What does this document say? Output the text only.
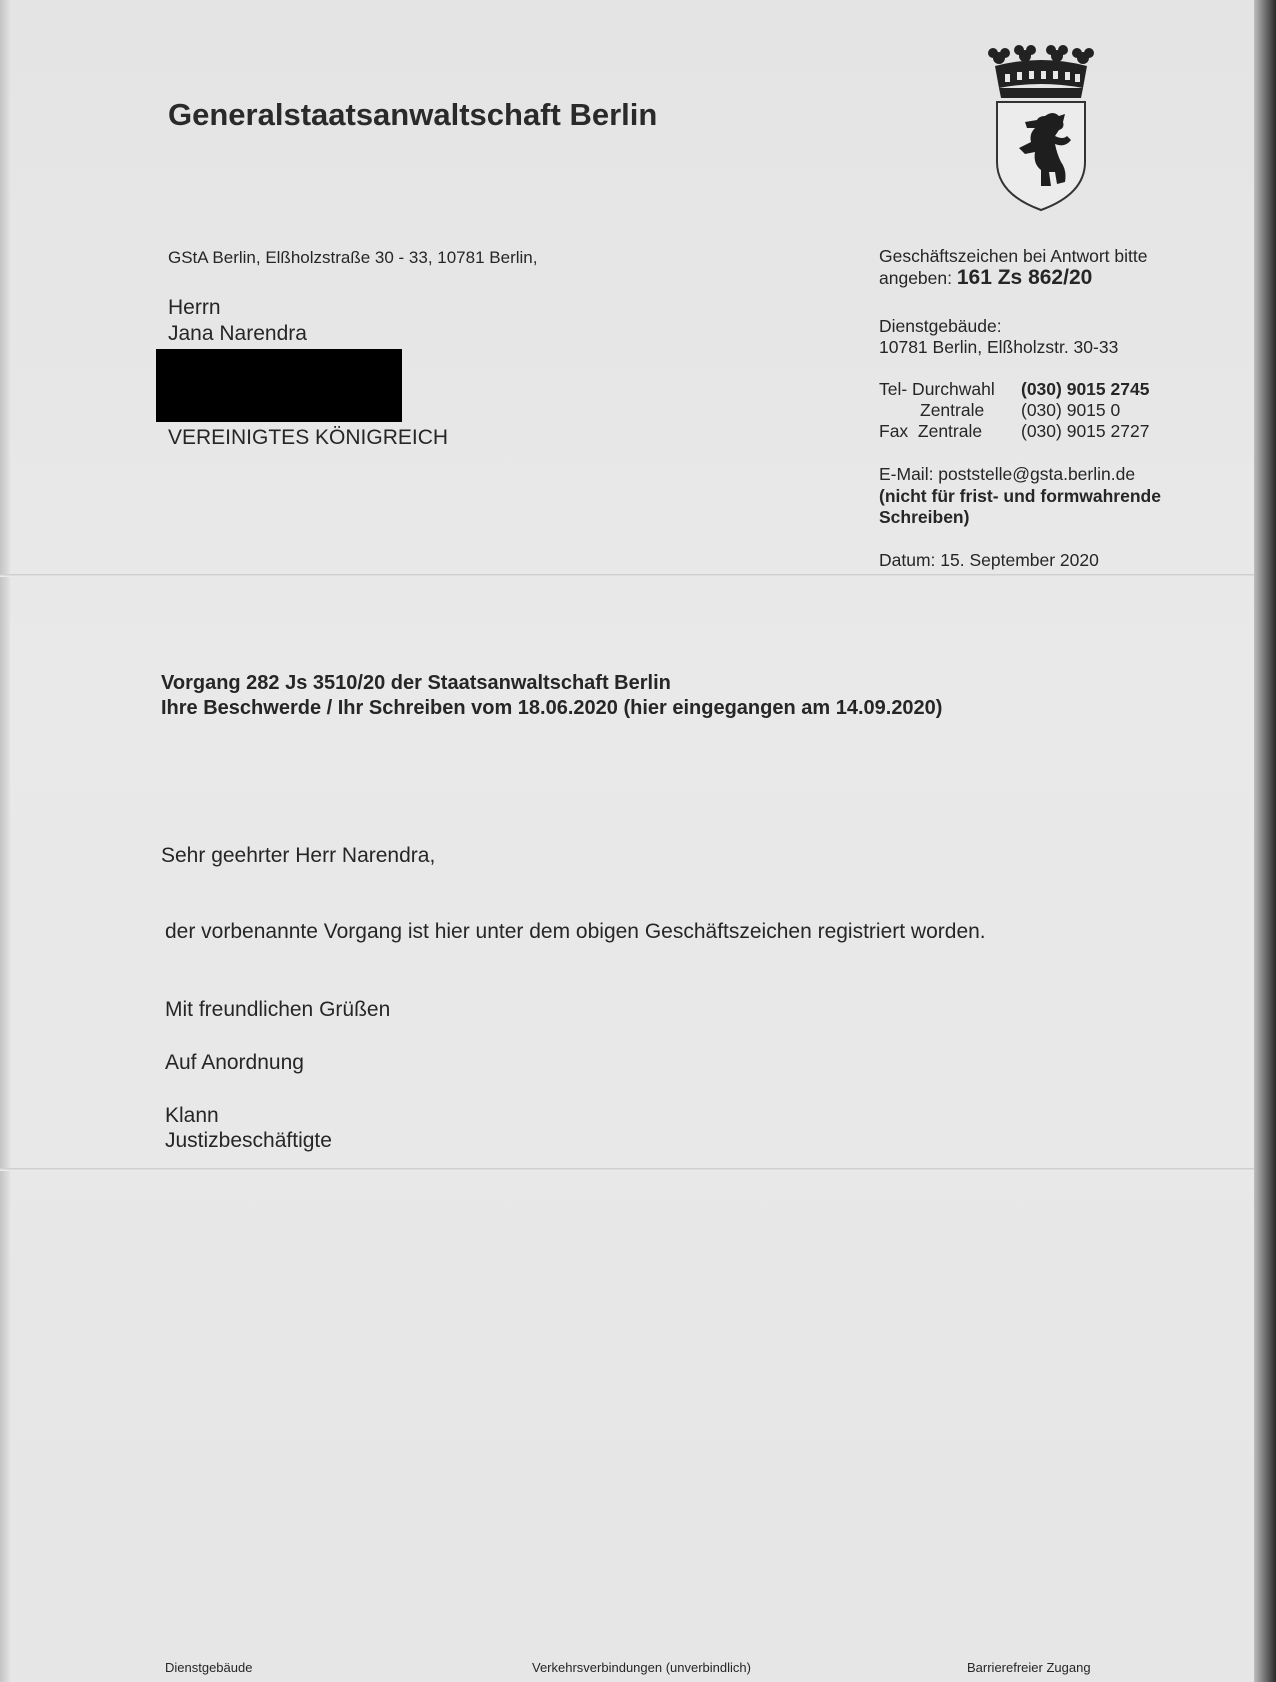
Generalstaatsanwaltschaft Berlin
GStA Berlin, Elßholzstraße 30 - 33, 10781 Berlin,
Herrn
Jana Narendra
VEREINIGTES KÖNIGREICH
Geschäftszeichen bei Antwort bitte
angeben: 161 Zs 862/20
Dienstgebäude:
10781 Berlin, Elßholzstr. 30-33
Tel- Durchwahl (030) 9015 2745
Zentrale (030) 9015 0
Fax  Zentrale (030) 9015 2727
E-Mail: poststelle@gsta.berlin.de
(nicht für frist- und formwahrende
Schreiben)
Datum: 15. September 2020
Vorgang 282 Js 3510/20 der Staatsanwaltschaft Berlin
Ihre Beschwerde / Ihr Schreiben vom 18.06.2020 (hier eingegangen am 14.09.2020)
Sehr geehrter Herr Narendra,
der vorbenannte Vorgang ist hier unter dem obigen Geschäftszeichen registriert worden.
Mit freundlichen Grüßen
Auf Anordnung
Klann
Justizbeschäftigte
Dienstgebäude	Verkehrsverbindungen (unverbindlich)	Barrierefreier Zugang
